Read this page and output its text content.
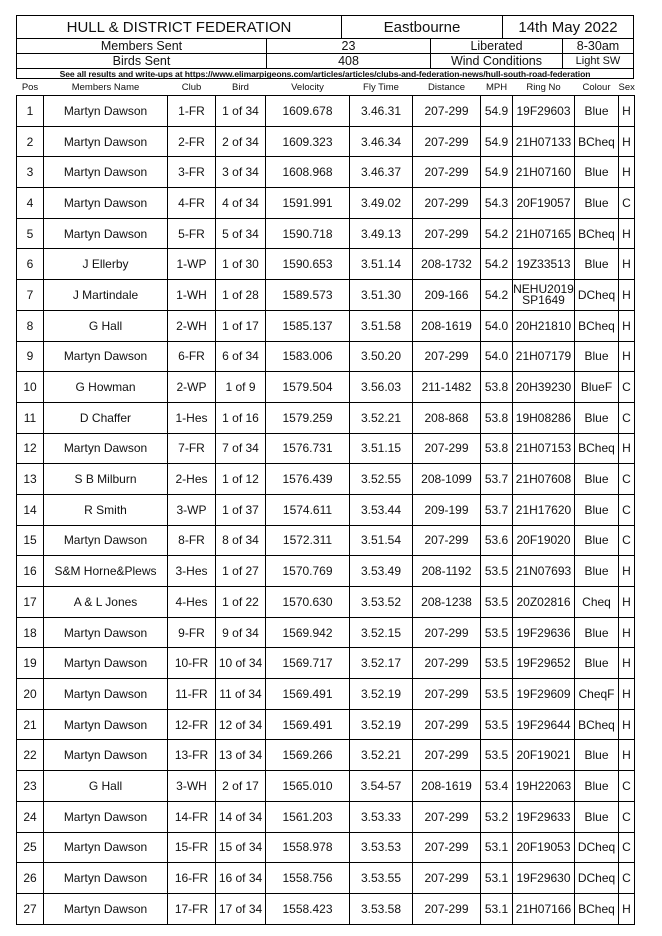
HULL & DISTRICT FEDERATION	Eastbourne	14th May 2022
Members Sent	23	Liberated	8-30am
Birds Sent	408	Wind Conditions	Light SW
See all results and write-ups at https://www.elimarpigeons.com/articles/articles/clubs-and-federation-news/hull-south-road-federation
Pos	Members Name	Club	Bird	Velocity	Fly Time	Distance	MPH	Ring No	Colour	Sex
1	Martyn Dawson	1-FR	1 of 34	1609.678	3.46.31	207-299	54.9	19F29603	Blue	H
2	Martyn Dawson	2-FR	2 of 34	1609.323	3.46.34	207-299	54.9	21H07133	BCheq	H
3	Martyn Dawson	3-FR	3 of 34	1608.968	3.46.37	207-299	54.9	21H07160	Blue	H
4	Martyn Dawson	4-FR	4 of 34	1591.991	3.49.02	207-299	54.3	20F19057	Blue	C
5	Martyn Dawson	5-FR	5 of 34	1590.718	3.49.13	207-299	54.2	21H07165	BCheq	H
6	J Ellerby	1-WP	1 of 30	1590.653	3.51.14	208-1732	54.2	19Z33513	Blue	H
7	J Martindale	1-WH	1 of 28	1589.573	3.51.30	209-166	54.2	NEHU2019 SP1649	DCheq	H
8	G Hall	2-WH	1 of 17	1585.137	3.51.58	208-1619	54.0	20H21810	BCheq	H
9	Martyn Dawson	6-FR	6 of 34	1583.006	3.50.20	207-299	54.0	21H07179	Blue	H
10	G Howman	2-WP	1 of 9	1579.504	3.56.03	211-1482	53.8	20H39230	BlueF	C
11	D Chaffer	1-Hes	1 of 16	1579.259	3.52.21	208-868	53.8	19H08286	Blue	C
12	Martyn Dawson	7-FR	7 of 34	1576.731	3.51.15	207-299	53.8	21H07153	BCheq	H
13	S B Milburn	2-Hes	1 of 12	1576.439	3.52.55	208-1099	53.7	21H07608	Blue	C
14	R Smith	3-WP	1 of 37	1574.611	3.53.44	209-199	53.7	21H17620	Blue	C
15	Martyn Dawson	8-FR	8 of 34	1572.311	3.51.54	207-299	53.6	20F19020	Blue	C
16	S&M Horne&Plews	3-Hes	1 of 27	1570.769	3.53.49	208-1192	53.5	21N07693	Blue	H
17	A & L Jones	4-Hes	1 of 22	1570.630	3.53.52	208-1238	53.5	20Z02816	Cheq	H
18	Martyn Dawson	9-FR	9 of 34	1569.942	3.52.15	207-299	53.5	19F29636	Blue	H
19	Martyn Dawson	10-FR	10 of 34	1569.717	3.52.17	207-299	53.5	19F29652	Blue	H
20	Martyn Dawson	11-FR	11 of 34	1569.491	3.52.19	207-299	53.5	19F29609	CheqF	H
21	Martyn Dawson	12-FR	12 of 34	1569.491	3.52.19	207-299	53.5	19F29644	BCheq	H
22	Martyn Dawson	13-FR	13 of 34	1569.266	3.52.21	207-299	53.5	20F19021	Blue	H
23	G Hall	3-WH	2 of 17	1565.010	3.54-57	208-1619	53.4	19H22063	Blue	C
24	Martyn Dawson	14-FR	14 of 34	1561.203	3.53.33	207-299	53.2	19F29633	Blue	C
25	Martyn Dawson	15-FR	15 of 34	1558.978	3.53.53	207-299	53.1	20F19053	DCheq	C
26	Martyn Dawson	16-FR	16 of 34	1558.756	3.53.55	207-299	53.1	19F29630	DCheq	C
27	Martyn Dawson	17-FR	17 of 34	1558.423	3.53.58	207-299	53.1	21H07166	BCheq	H
